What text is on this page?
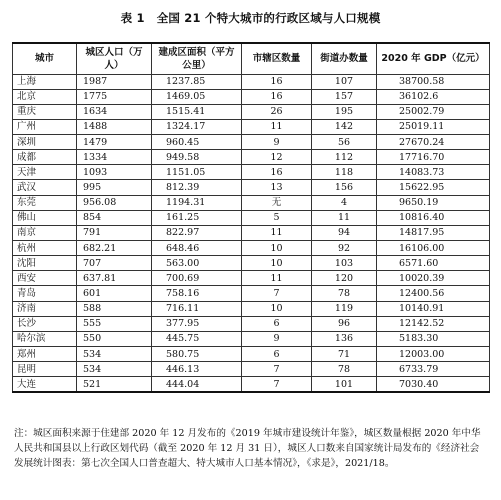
表 1 全国 21 个特大城市的行政区域与人口规模
城市	城区人口（万人）	建成区面积（平方公里）	市辖区数量	街道办数量	2020 年 GDP（亿元）
上海	1987	1237.85	16	107	38700.58
北京	1775	1469.05	16	157	36102.6
重庆	1634	1515.41	26	195	25002.79
广州	1488	1324.17	11	142	25019.11
深圳	1479	960.45	9	56	27670.24
成都	1334	949.58	12	112	17716.70
天津	1093	1151.05	16	118	14083.73
武汉	995	812.39	13	156	15622.95
东莞	956.08	1194.31	无	4	9650.19
佛山	854	161.25	5	11	10816.40
南京	791	822.97	11	94	14817.95
杭州	682.21	648.46	10	92	16106.00
沈阳	707	563.00	10	103	6571.60
西安	637.81	700.69	11	120	10020.39
青岛	601	758.16	7	78	12400.56
济南	588	716.11	10	119	10140.91
长沙	555	377.95	6	96	12142.52
哈尔滨	550	445.75	9	136	5183.30
郑州	534	580.75	6	71	12003.00
昆明	534	446.13	7	78	6733.79
大连	521	444.04	7	101	7030.40
注：城区面积来源于住建部 2020 年 12 月发布的《2019 年城市建设统计年鉴》，城区数量根据 2020 年中华人民共和国县以上行政区划代码（截至 2020 年 12 月 31 日），城区人口数来自国家统计局发布的《经济社会发展统计图表：第七次全国人口普查超大、特大城市人口基本情况》，《求是》，2021/18。
